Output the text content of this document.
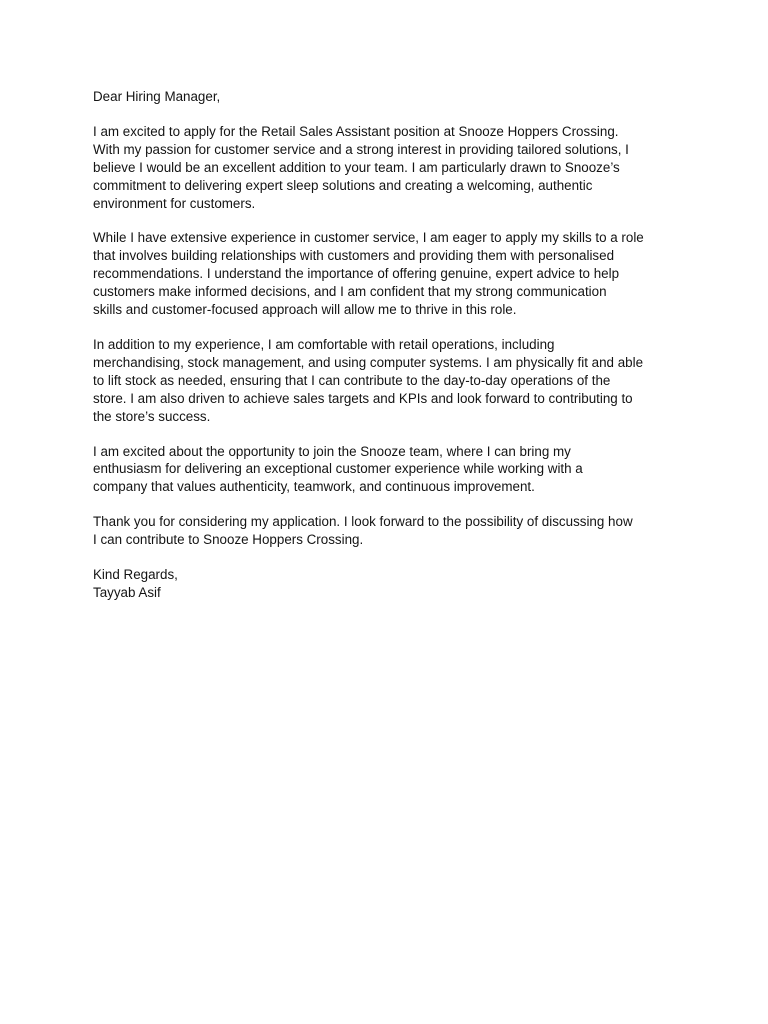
Dear Hiring Manager,

I am excited to apply for the Retail Sales Assistant position at Snooze Hoppers Crossing.
With my passion for customer service and a strong interest in providing tailored solutions, I
believe I would be an excellent addition to your team. I am particularly drawn to Snooze’s
commitment to delivering expert sleep solutions and creating a welcoming, authentic
environment for customers.

While I have extensive experience in customer service, I am eager to apply my skills to a role
that involves building relationships with customers and providing them with personalised
recommendations. I understand the importance of offering genuine, expert advice to help
customers make informed decisions, and I am confident that my strong communication
skills and customer-focused approach will allow me to thrive in this role.

In addition to my experience, I am comfortable with retail operations, including
merchandising, stock management, and using computer systems. I am physically fit and able
to lift stock as needed, ensuring that I can contribute to the day-to-day operations of the
store. I am also driven to achieve sales targets and KPIs and look forward to contributing to
the store’s success.

I am excited about the opportunity to join the Snooze team, where I can bring my
enthusiasm for delivering an exceptional customer experience while working with a
company that values authenticity, teamwork, and continuous improvement.

Thank you for considering my application. I look forward to the possibility of discussing how
I can contribute to Snooze Hoppers Crossing.

Kind Regards,
Tayyab Asif
